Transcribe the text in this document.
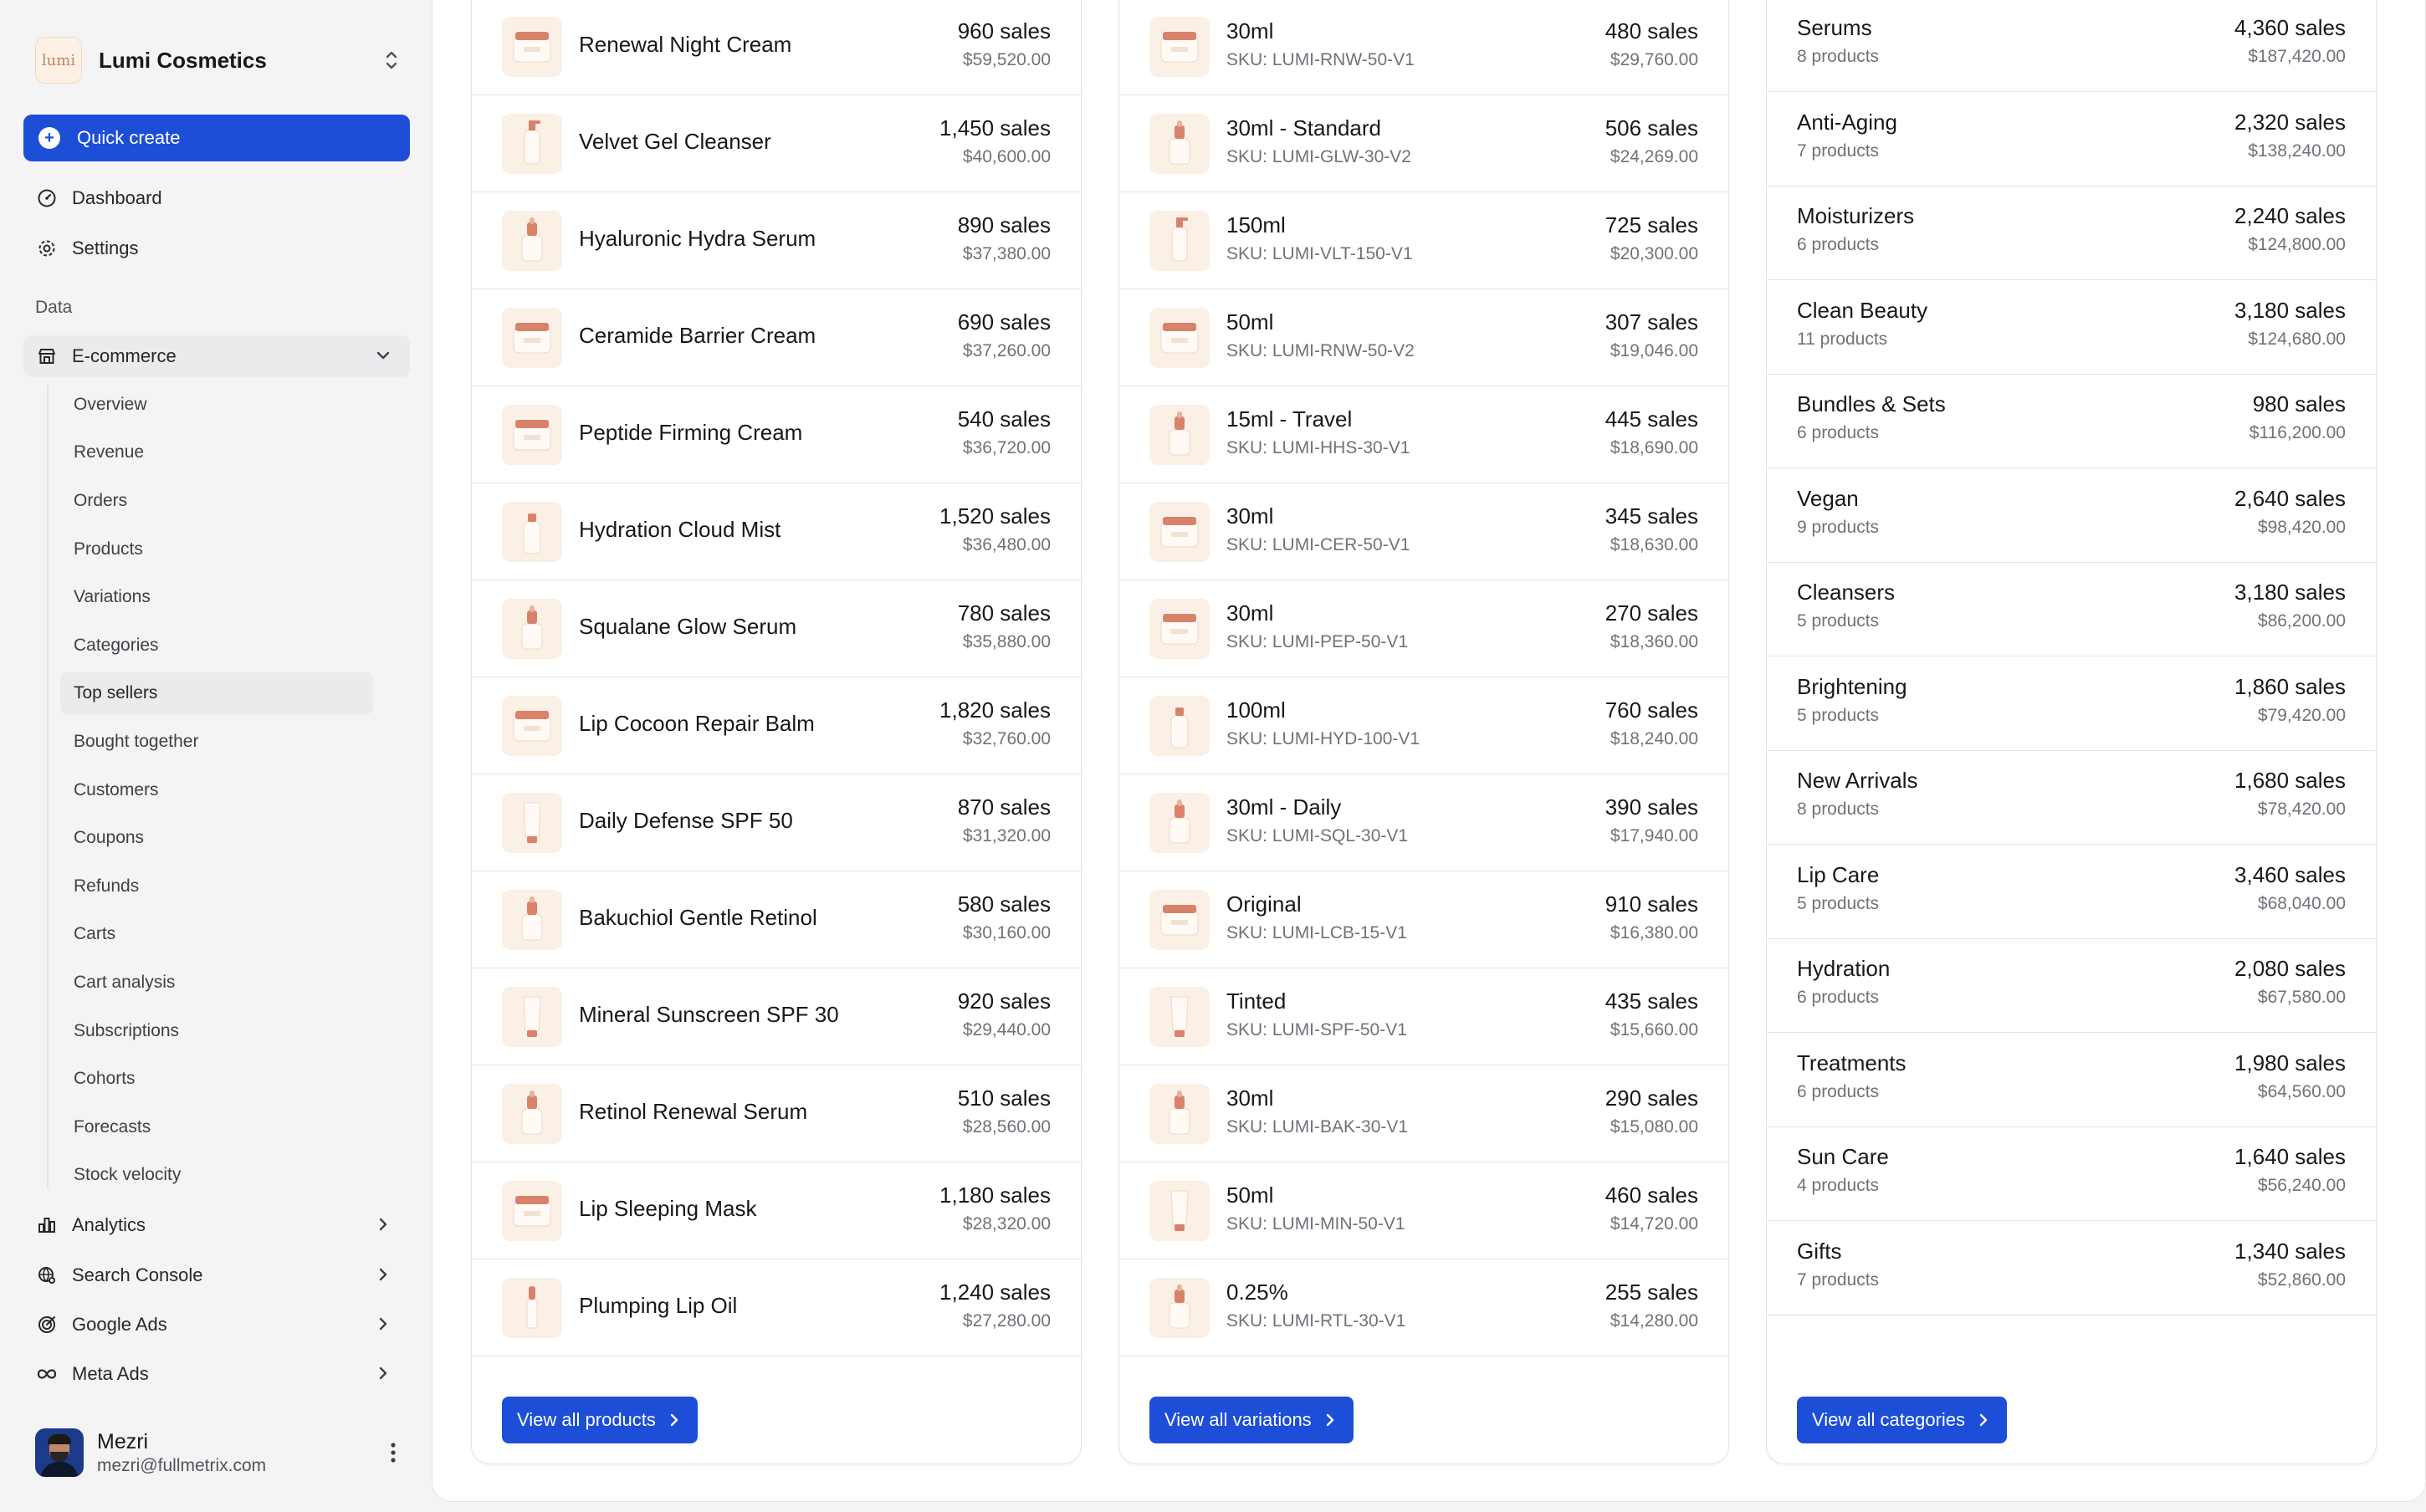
lumi Lumi Cosmetics
+	Quick create
Dashboard
Settings
Data
E-commerce
Overview
Revenue
Orders
Products
Variations
Categories
Top sellers
Bought together
Customers
Coupons
Refunds
Carts
Cart analysis
Subscriptions
Cohorts
Forecasts
Stock velocity
Analytics
Search Console
Google Ads
Meta Ads
Mezri
mezri@fullmetrix.com
Renewal Night Cream
960 sales
$59,520.00
Velvet Gel Cleanser
1,450 sales
$40,600.00
Hyaluronic Hydra Serum
890 sales
$37,380.00
Ceramide Barrier Cream
690 sales
$37,260.00
Peptide Firming Cream
540 sales
$36,720.00
Hydration Cloud Mist
1,520 sales
$36,480.00
Squalane Glow Serum
780 sales
$35,880.00
Lip Cocoon Repair Balm
1,820 sales
$32,760.00
Daily Defense SPF 50
870 sales
$31,320.00
Bakuchiol Gentle Retinol
580 sales
$30,160.00
Mineral Sunscreen SPF 30
920 sales
$29,440.00
Retinol Renewal Serum
510 sales
$28,560.00
Lip Sleeping Mask
1,180 sales
$28,320.00
Plumping Lip Oil
1,240 sales
$27,280.00
View all products
30ml
SKU: LUMI-RNW-50-V1
480 sales
$29,760.00
30ml - Standard
SKU: LUMI-GLW-30-V2
506 sales
$24,269.00
150ml
SKU: LUMI-VLT-150-V1
725 sales
$20,300.00
50ml
SKU: LUMI-RNW-50-V2
307 sales
$19,046.00
15ml - Travel
SKU: LUMI-HHS-30-V1
445 sales
$18,690.00
30ml
SKU: LUMI-CER-50-V1
345 sales
$18,630.00
30ml
SKU: LUMI-PEP-50-V1
270 sales
$18,360.00
100ml
SKU: LUMI-HYD-100-V1
760 sales
$18,240.00
30ml - Daily
SKU: LUMI-SQL-30-V1
390 sales
$17,940.00
Original
SKU: LUMI-LCB-15-V1
910 sales
$16,380.00
Tinted
SKU: LUMI-SPF-50-V1
435 sales
$15,660.00
30ml
SKU: LUMI-BAK-30-V1
290 sales
$15,080.00
50ml
SKU: LUMI-MIN-50-V1
460 sales
$14,720.00
0.25%
SKU: LUMI-RTL-30-V1
255 sales
$14,280.00
View all variations
Serums
8 products
4,360 sales
$187,420.00
Anti-Aging
7 products
2,320 sales
$138,240.00
Moisturizers
6 products
2,240 sales
$124,800.00
Clean Beauty
11 products
3,180 sales
$124,680.00
Bundles & Sets
6 products
980 sales
$116,200.00
Vegan
9 products
2,640 sales
$98,420.00
Cleansers
5 products
3,180 sales
$86,200.00
Brightening
5 products
1,860 sales
$79,420.00
New Arrivals
8 products
1,680 sales
$78,420.00
Lip Care
5 products
3,460 sales
$68,040.00
Hydration
6 products
2,080 sales
$67,580.00
Treatments
6 products
1,980 sales
$64,560.00
Sun Care
4 products
1,640 sales
$56,240.00
Gifts
7 products
1,340 sales
$52,860.00
View all categories
